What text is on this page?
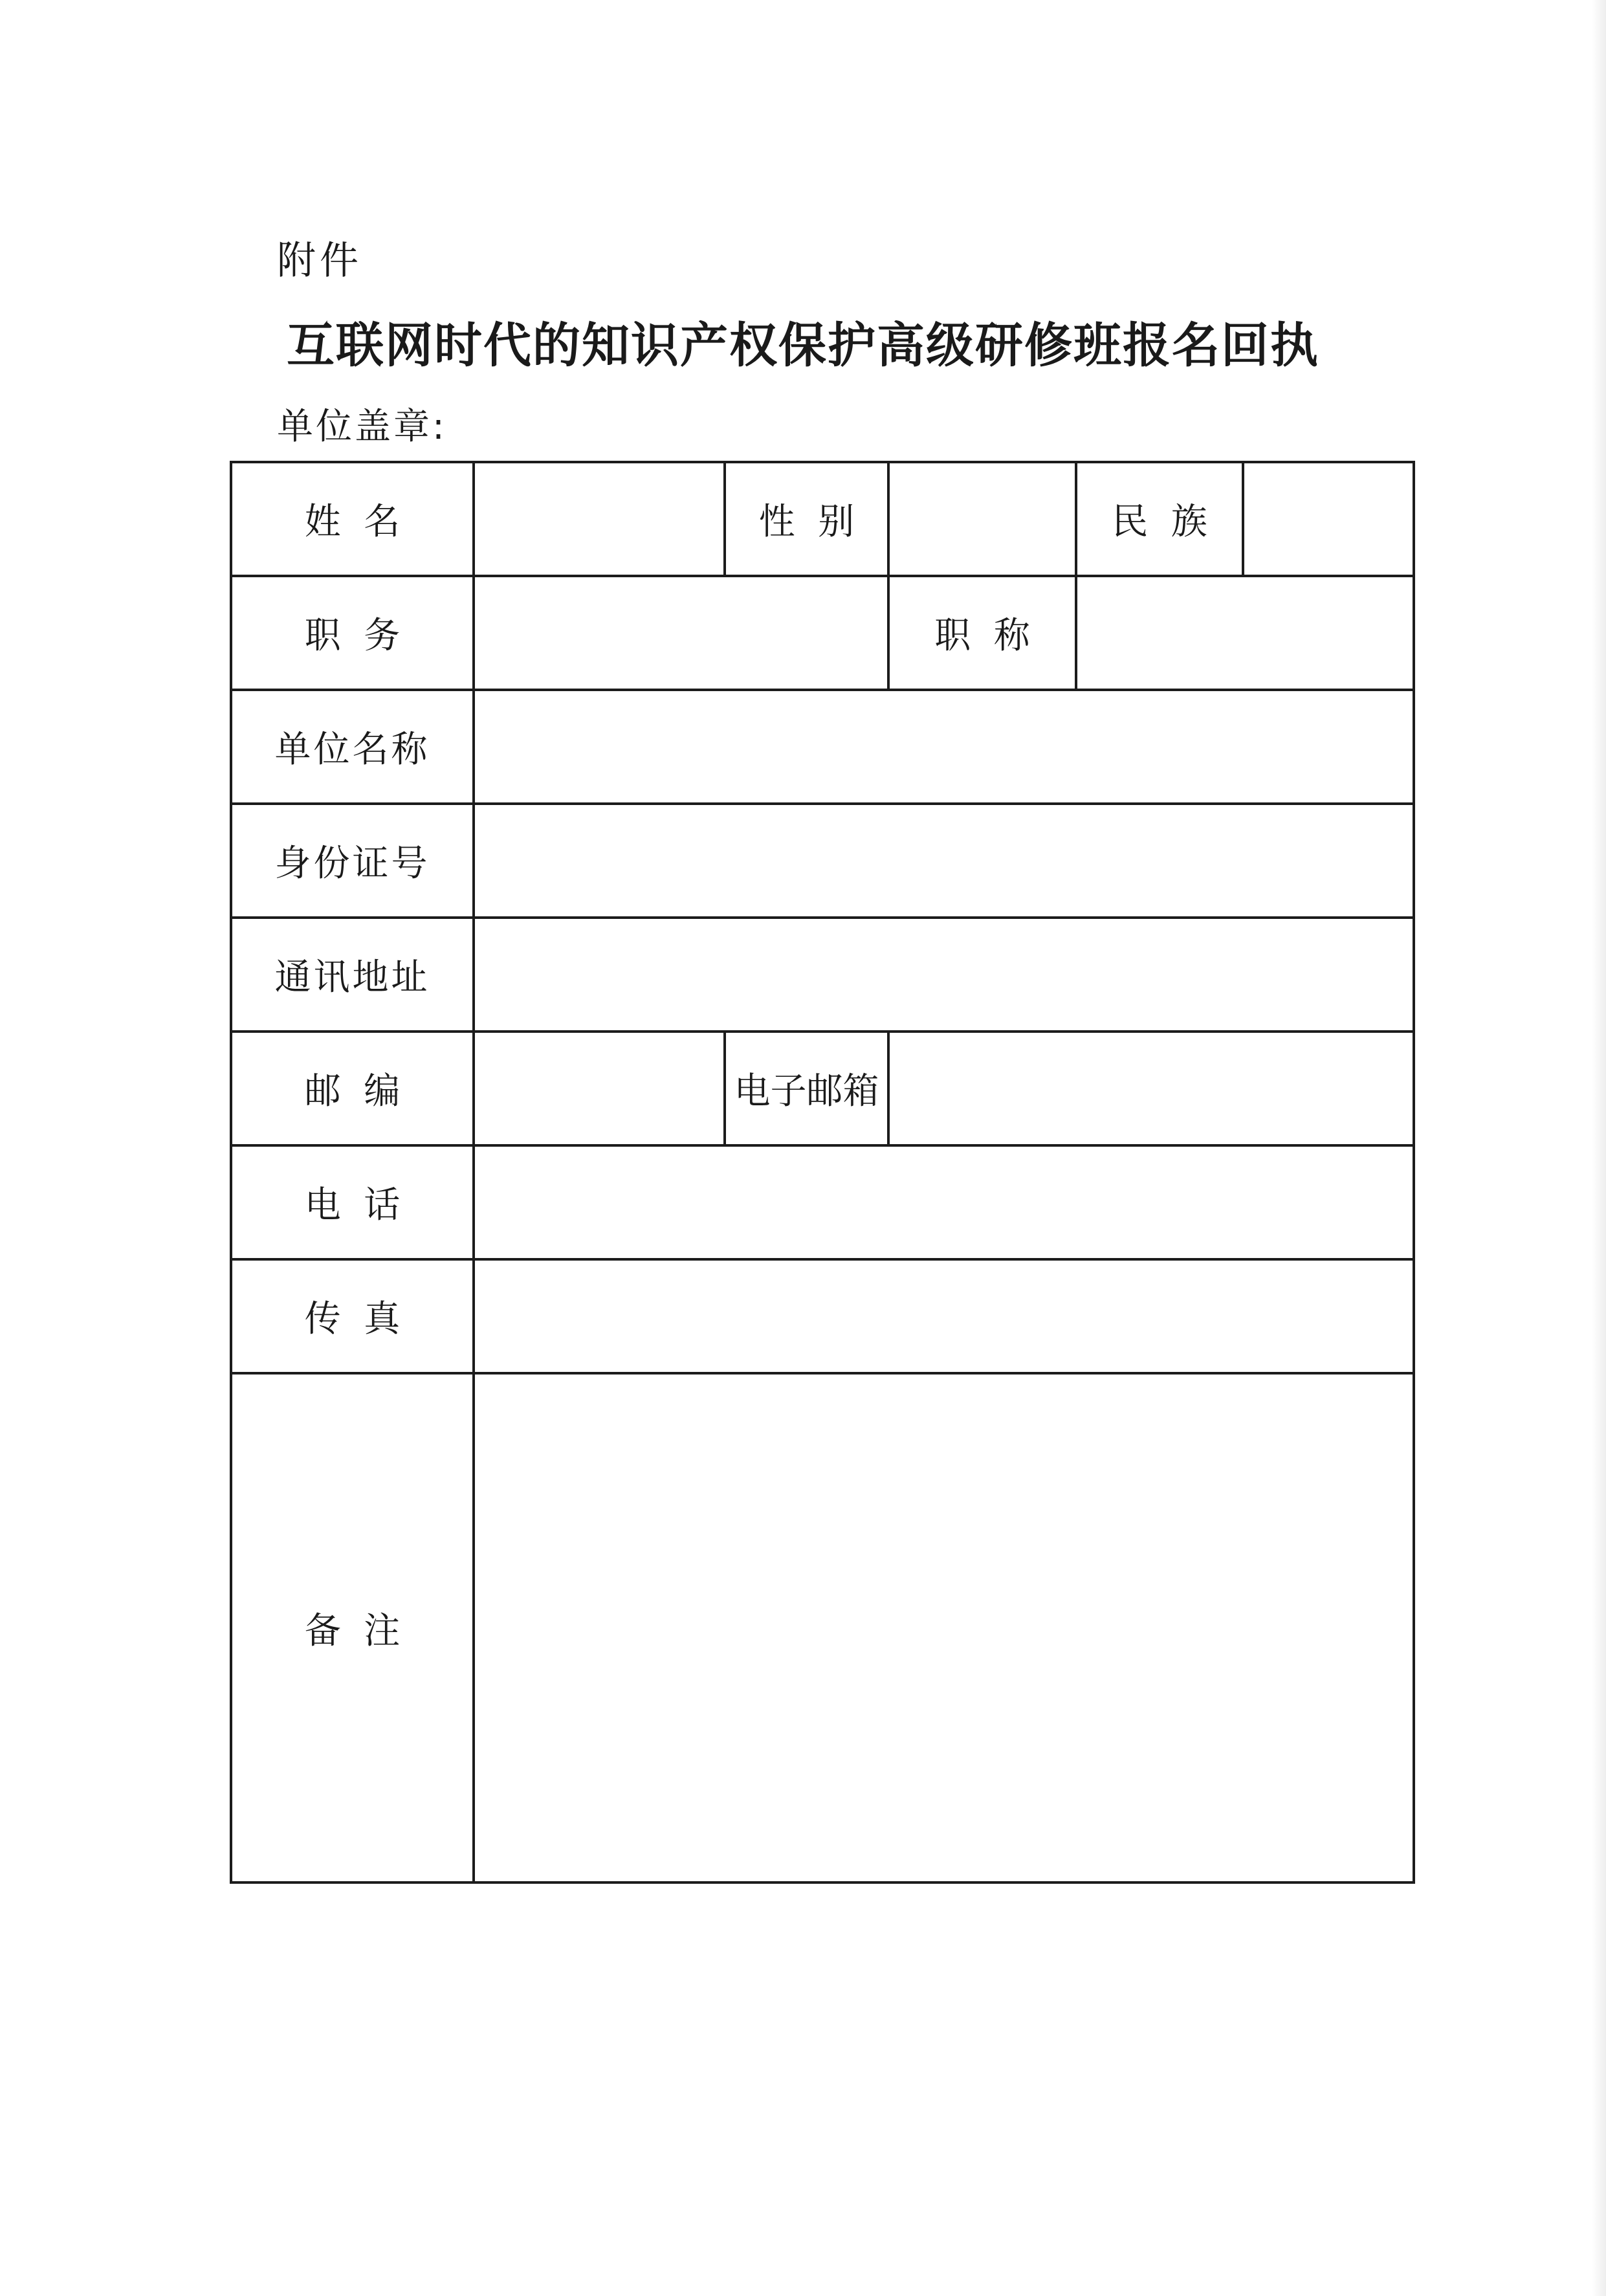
附件
互联网时代的知识产权保护高级研修班报名回执
单位盖章:
姓  名		性  别		民  族	
职  务			职  称		
单位名称					
身份证号					
通讯地址					
邮  编		电子邮箱			
电  话					
传  真					
备  注					
